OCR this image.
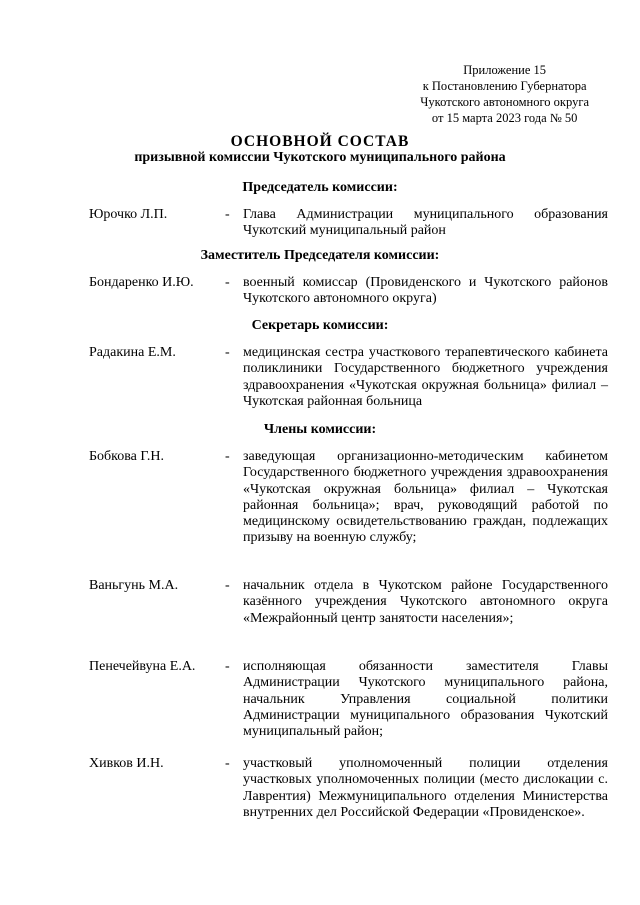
Приложение 15
к Постановлению Губернатора
Чукотского автономного округа
от 15 марта 2023 года № 50
ОСНОВНОЙ СОСТАВ
призывной комиссии Чукотского муниципального района
Председатель комиссии:
Юрочко Л.П.	- Глава Администрации муниципального образования Чукотский муниципальный район
Заместитель Председателя комиссии:
Бондаренко И.Ю. - военный комиссар (Провиденского и Чукотского районов Чукотского автономного округа)
Секретарь комиссии:
Радакина Е.М.	- медицинская сестра участкового терапевтического кабинета поликлиники Государственного бюджетного учреждения здравоохранения «Чукотская окружная больница» филиал – Чукотская районная больница
Члены комиссии:
Бобкова Г.Н.	- заведующая организационно-методическим кабинетом Государственного бюджетного учреждения здравоохранения «Чукотская окружная больница» филиал – Чукотская районная больница»; врач, руководящий работой по медицинскому освидетельствованию граждан, подлежащих призыву на военную службу;
Ваньгунь М.А.	- начальник отдела в Чукотском районе Государственного казённого учреждения Чукотского автономного округа «Межрайонный центр занятости населения»;
Пенечейвуна Е.А. - исполняющая обязанности заместителя Главы Администрации Чукотского муниципального района, начальник Управления социальной политики Администрации муниципального образования Чукотский муниципальный район;
Хивков И.Н.	- участковый уполномоченный полиции отделения участковых уполномоченных полиции (место дислокации с. Лаврентия) Межмуниципального отделения Министерства внутренних дел Российской Федерации «Провиденское».
